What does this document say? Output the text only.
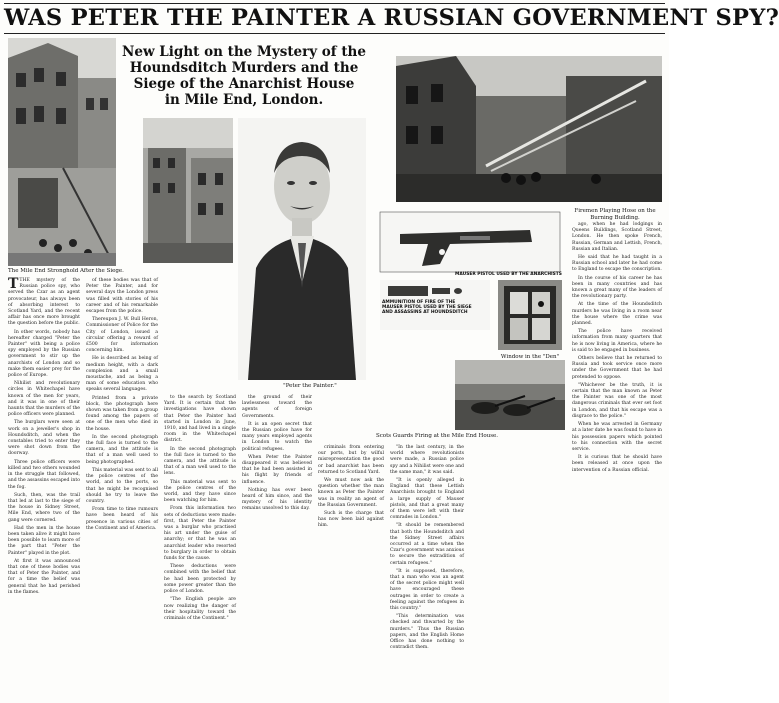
WAS PETER THE PAINTER A RUSSIAN GOVERNMENT SPY?
The Mile End Stronghold After the Siege.
New Light on the Mystery of the
Houndsditch Murders and the
Siege of the Anarchist House
in Mile End, London.
"Peter the Painter."
Firemen Playing Hose on the Burning Building.
MAUSER PISTOL USED BY THE ANARCHISTS
AMMUNITION OF FIRE OF THE
MAUSER PISTOL USED BY THE SIEGE
AND ASSASSINS AT HOUNDSDITCH
Window in the "Den"
Scots Guards Firing at the Mile End House.

TTHE mystery of the Russian police spy, who served the Czar as an agent provocateur, has always been of absorbing interest to Scotland Yard, and the recent affair has once more brought the question before the public.

In other words, nobody has hereafter charged "Peter the Painter" with being a police spy employed by the Russian government to stir up the anarchists of London and so make them easier prey for the police of Europe.

Nihilist and revolutionary circles in Whitechapel have known of the men for years, and it was in one of their haunts that the murders of the police officers were planned.

The burglars were seen at work on a jeweller's shop in Houndsditch, and when the constables tried to enter they were shot down from the doorway.

Three police officers were killed and two others wounded in the struggle that followed, and the assassins escaped into the fog.

Such, then, was the trail that led at last to the siege of the house in Sidney Street, Mile End, where two of the gang were cornered.

Had the men in the house been taken alive it might have been possible to learn more of the part that "Peter the Painter" played in the plot.

At first it was announced that one of these bodies was that of Peter the Painter, and for a time the belief was general that he had perished in the flames.

of these bodies was that of Peter the Painter, and for several days the London press was filled with stories of his career and of his remarkable escapes from the police.

Thereupon J. W. Bull Heron, Commissioner of Police for the City of London, issued a circular offering a reward of £500 for information concerning him.

He is described as being of medium height, with a dark complexion and a small moustache, and as being a man of some education who speaks several languages.

Printed from a private block, the photograph here shown was taken from a group found among the papers of one of the men who died in the house.

In the second photograph the full face is turned to the camera, and the attitude is that of a man well used to being photographed.

This material was sent to all the police centres of the world, and to the ports, so that he might be recognised should he try to leave the country.

From time to time rumours have been heard of his presence in various cities of the Continent and of America.

to the search by Scotland Yard. It is certain that the investigations have shown that Peter the Painter had started in London in June, 1910, and had lived in a single room in the Whitechapel district.

In the second photograph the full face is turned to the camera, and the attitude is that of a man well used to the lens.

This material was sent to the police centres of the world, and they have since been watching for him.

From this information two sets of deductions were made: first, that Peter the Painter was a burglar who practised his art under the guise of anarchy; or that he was an anarchist leader who resorted to burglary in order to obtain funds for the cause.

These deductions were combined with the belief that he had been protected by some power greater than the police of London.

"The English people are now realizing the danger of their hospitality toward the criminals of the Continent."

the ground of their lawlessness toward the agents of foreign Governments.

It is an open secret that the Russian police have for many years employed agents in London to watch the political refugees.

When Peter the Painter disappeared it was believed that he had been assisted in his flight by friends of influence.

Nothing has ever been heard of him since, and the mystery of his identity remains unsolved to this day.

criminals from entering our ports, but by wilful misrepresentation the good or bad anarchist has been returned to Scotland Yard.

We must now ask the question whether the man known as Peter the Painter was in reality an agent of the Russian Government.

Such is the charge that has now been laid against him.

"In the last century, in the world where revolutionists were made, a Russian police spy and a Nihilist were one and the same man," it was said.

"It is openly alleged in England that these Lettish Anarchists brought to England a large supply of Mauser pistols, and that a great many of them were left with their comrades in London."

"It should be remembered that both the Houndsditch and the Sidney Street affairs occurred at a time when the Czar's government was anxious to secure the extradition of certain refugees."

"It is supposed, therefore, that a man who was an agent of the secret police might well have encouraged these outrages in order to create a feeling against the refugees in this country."

"This determination was checked and thwarted by the murders." Thus the Russian papers, and the English Home Office has done nothing to contradict them.

ago, when he had lodgings in Queens Buildings, Scotland Street, London. He then spoke French, Russian, German and Lettish, French, Russian and Italian.

He said that he had taught in a Russian school and later he had come to England to escape the conscription.

In the course of his career he has been in many countries and has known a great many of the leaders of the revolutionary party.

At the time of the Houndsditch murders he was living in a room near the house where the crime was planned.

The police have received information from many quarters that he is now living in America, where he is said to be engaged in business.

Others believe that he returned to Russia and took service once more under the Government that he had pretended to oppose.

"Whichever be the truth, it is certain that the man known as Peter the Painter was one of the most dangerous criminals that ever set foot in London, and that his escape was a disgrace to the police."

When he was arrested in Germany at a later date he was found to have in his possession papers which pointed to his connection with the secret service.

It is curious that he should have been released at once upon the intervention of a Russian official.
